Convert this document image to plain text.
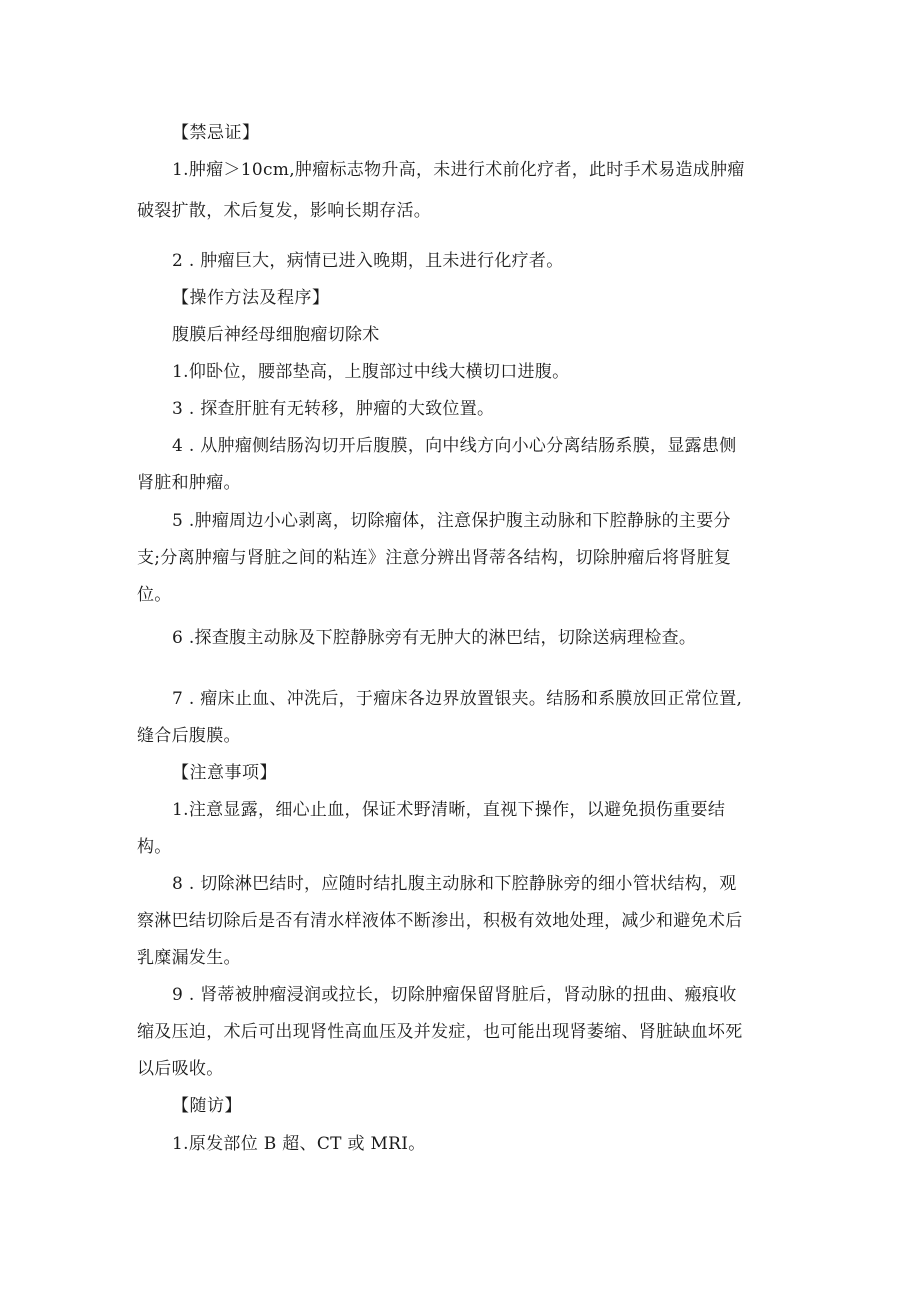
【禁忌证】
1.肿瘤＞10cm,肿瘤标志物升高，未进行术前化疗者，此时手术易造成肿瘤
破裂扩散，术后复发，影响长期存活。
2 . 肿瘤巨大，病情已进入晚期，且未进行化疗者。
【操作方法及程序】
腹膜后神经母细胞瘤切除术
1.仰卧位，腰部垫高，上腹部过中线大横切口进腹。
3 . 探查肝脏有无转移，肿瘤的大致位置。
4 . 从肿瘤侧结肠沟切开后腹膜，向中线方向小心分离结肠系膜，显露患侧
肾脏和肿瘤。
5 .肿瘤周边小心剥离，切除瘤体，注意保护腹主动脉和下腔静脉的主要分
支;分离肿瘤与肾脏之间的粘连》注意分辨出肾蒂各结构，切除肿瘤后将肾脏复
位。
6 .探查腹主动脉及下腔静脉旁有无肿大的淋巴结，切除送病理检查。
7 . 瘤床止血、冲洗后，于瘤床各边界放置银夹。结肠和系膜放回正常位置,
缝合后腹膜。
【注意事项】
1.注意显露，细心止血，保证术野清晰，直视下操作，以避免损伤重要结
构。
8 . 切除淋巴结时，应随时结扎腹主动脉和下腔静脉旁的细小管状结构，观
察淋巴结切除后是否有清水样液体不断渗出，积极有效地处理，减少和避免术后
乳糜漏发生。
9 . 肾蒂被肿瘤浸润或拉长，切除肿瘤保留肾脏后，肾动脉的扭曲、瘢痕收
缩及压迫，术后可出现肾性高血压及并发症，也可能出现肾萎缩、肾脏缺血坏死
以后吸收。
【随访】
1.原发部位 B 超、CT 或 MRI。
